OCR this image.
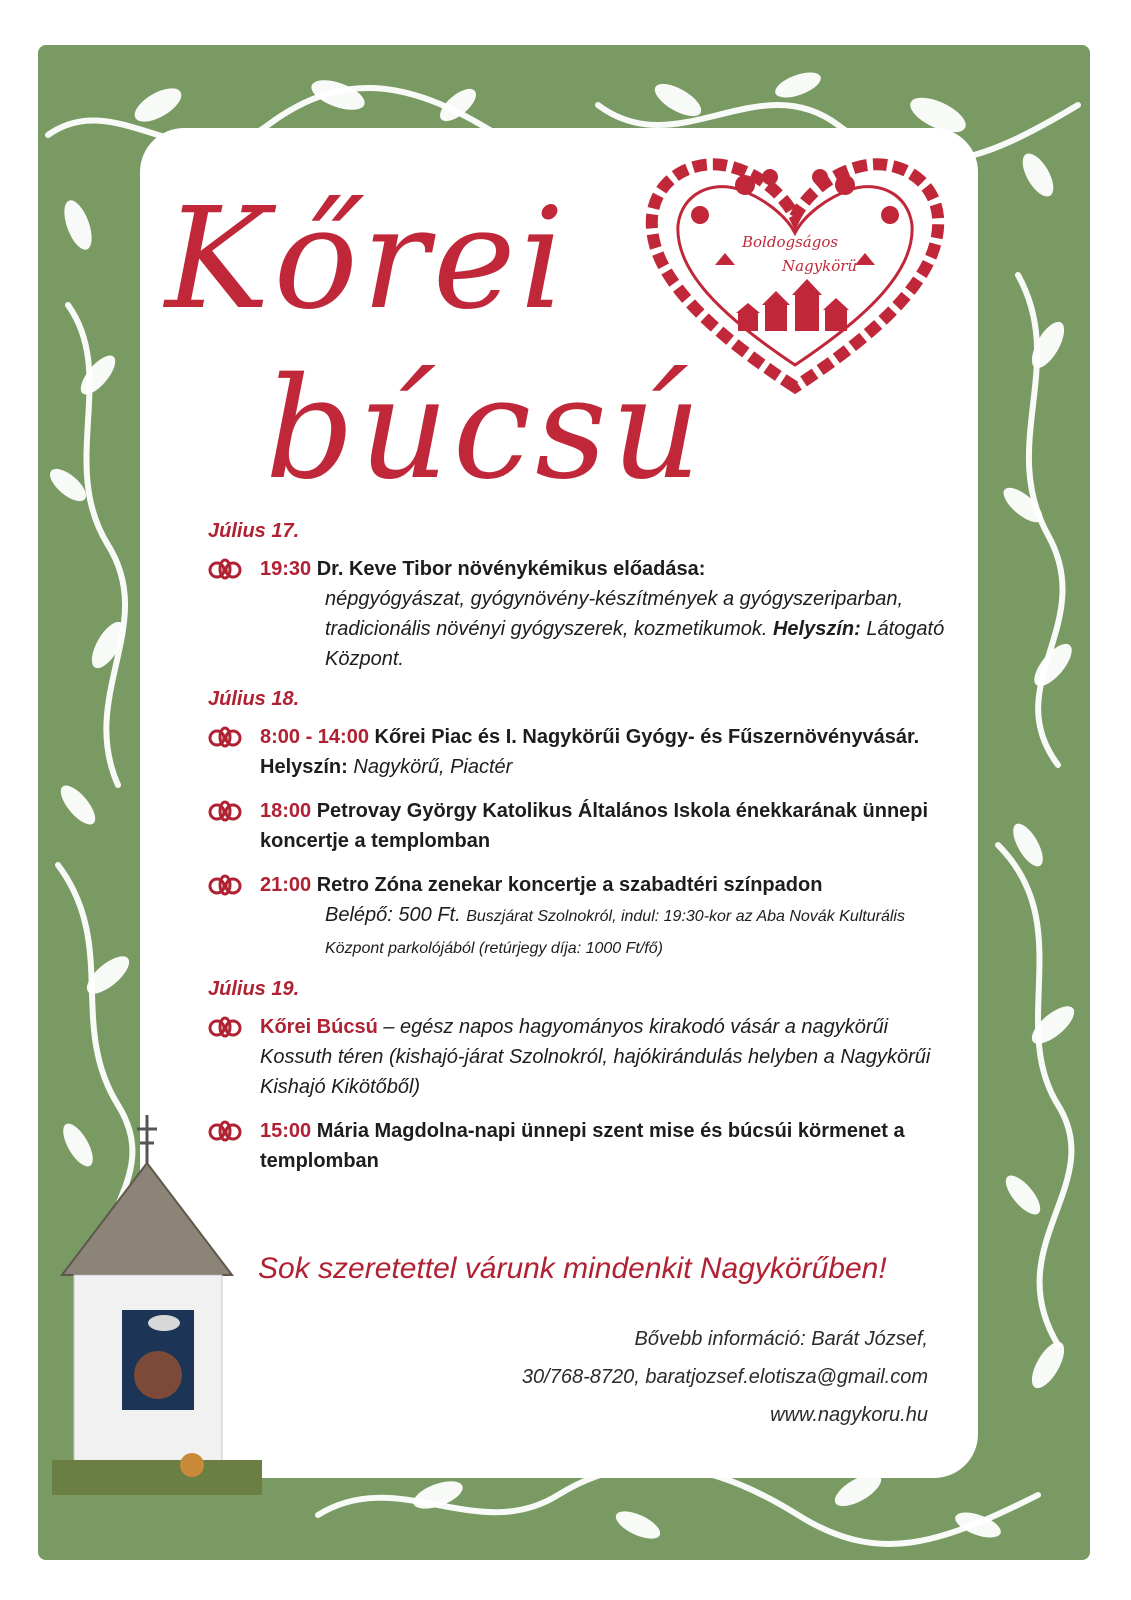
Kőrei
búcsú
Boldogságos
Nagykörü
Július 17.
19:30 Dr. Keve Tibor növénykémikus előadása:
népgyógyászat, gyógynövény-készítmények a gyógyszeriparban, tradicionális növényi gyógyszerek, kozmetikumok. Helyszín: Látogató Központ.
Július 18.
8:00 - 14:00 Kőrei Piac és I. Nagykörűi Gyógy- és Fűszernövényvásár. Helyszín: Nagykörű, Piactér
18:00 Petrovay György Katolikus Általános Iskola énekkarának ünnepi koncertje a templomban
21:00 Retro Zóna zenekar koncertje a szabadtéri színpadon
Belépő: 500 Ft. Buszjárat Szolnokról, indul: 19:30-kor az Aba Novák Kulturális Központ parkolójából (retúrjegy díja: 1000 Ft/fő)
Július 19.
Kőrei Búcsú – egész napos hagyományos kirakodó vásár a nagykörűi Kossuth téren (kishajó-járat Szolnokról, hajókirándulás helyben a Nagykörűi Kishajó Kikötőből)
15:00 Mária Magdolna-napi ünnepi szent mise és búcsúi körmenet a templomban
Sok szeretettel várunk mindenkit Nagykörűben!
Bővebb információ: Barát József,
30/768-8720, baratjozsef.elotisza@gmail.com
www.nagykoru.hu
